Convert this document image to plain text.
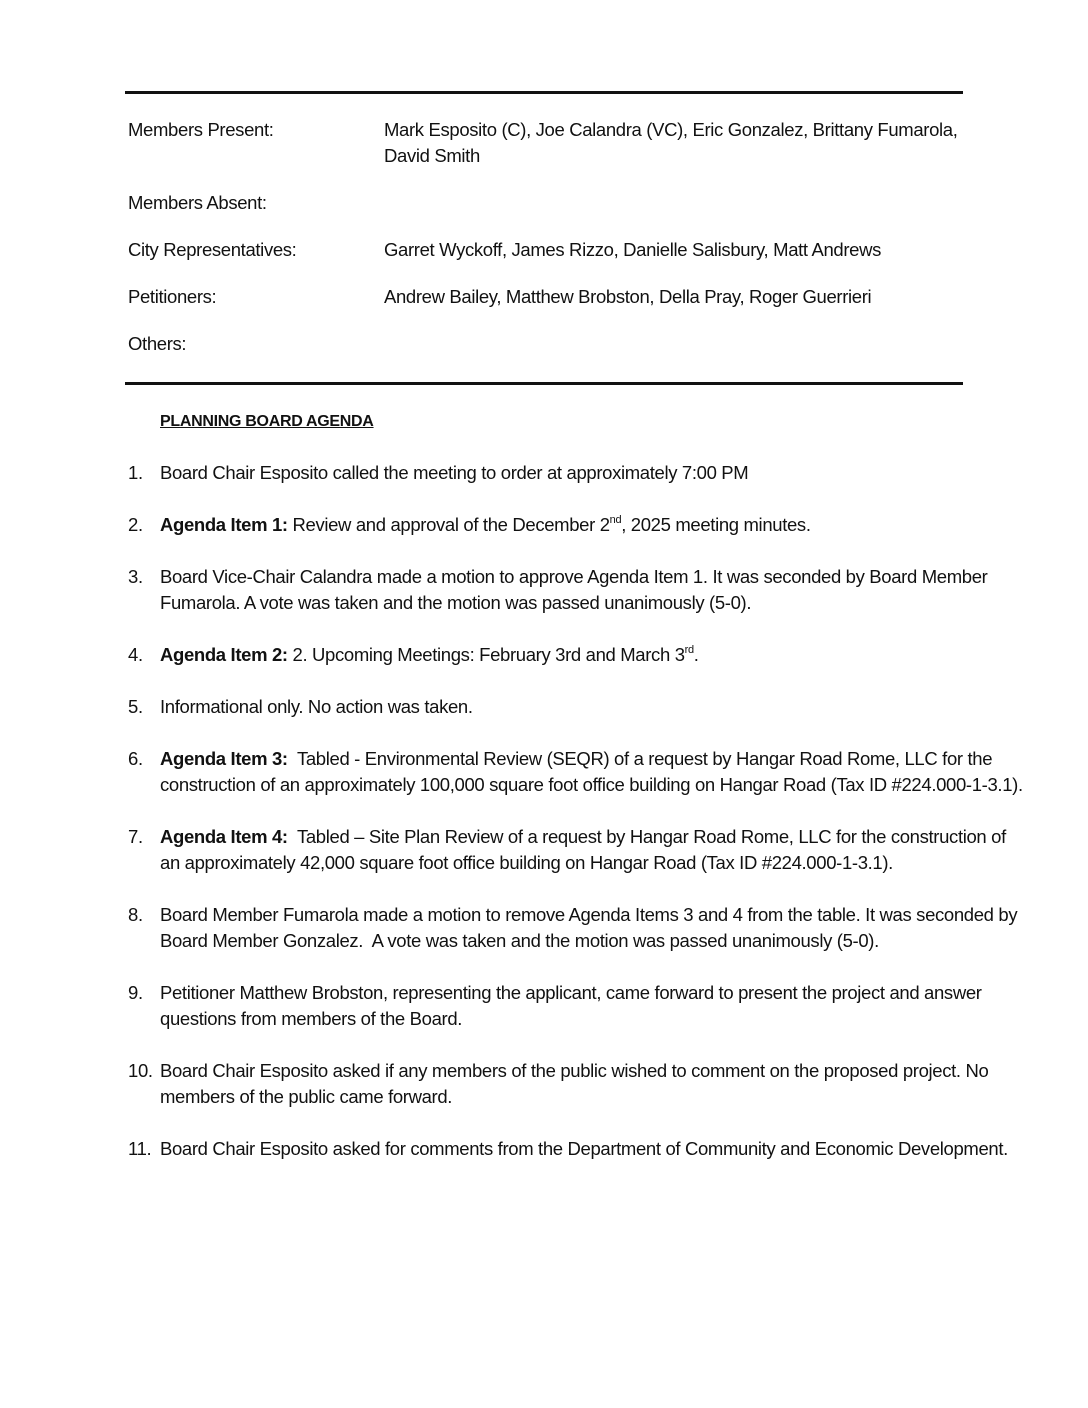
Members Present:	Mark Esposito (C), Joe Calandra (VC), Eric Gonzalez, Brittany Fumarola, David Smith
Members Absent:
City Representatives:	Garret Wyckoff, James Rizzo, Danielle Salisbury, Matt Andrews
Petitioners:	Andrew Bailey, Matthew Brobston, Della Pray, Roger Guerrieri
Others:
PLANNING BOARD AGENDA
1. Board Chair Esposito called the meeting to order at approximately 7:00 PM
2. Agenda Item 1: Review and approval of the December 2nd, 2025 meeting minutes.
3. Board Vice-Chair Calandra made a motion to approve Agenda Item 1. It was seconded by Board Member Fumarola. A vote was taken and the motion was passed unanimously (5-0).
4. Agenda Item 2: 2. Upcoming Meetings: February 3rd and March 3rd.
5. Informational only. No action was taken.
6. Agenda Item 3:  Tabled - Environmental Review (SEQR) of a request by Hangar Road Rome, LLC for the construction of an approximately 100,000 square foot office building on Hangar Road (Tax ID #224.000-1-3.1).
7. Agenda Item 4:  Tabled – Site Plan Review of a request by Hangar Road Rome, LLC for the construction of an approximately 42,000 square foot office building on Hangar Road (Tax ID #224.000-1-3.1).
8. Board Member Fumarola made a motion to remove Agenda Items 3 and 4 from the table. It was seconded by Board Member Gonzalez.  A vote was taken and the motion was passed unanimously (5-0).
9. Petitioner Matthew Brobston, representing the applicant, came forward to present the project and answer questions from members of the Board.
10. Board Chair Esposito asked if any members of the public wished to comment on the proposed project. No members of the public came forward.
11. Board Chair Esposito asked for comments from the Department of Community and Economic Development.
